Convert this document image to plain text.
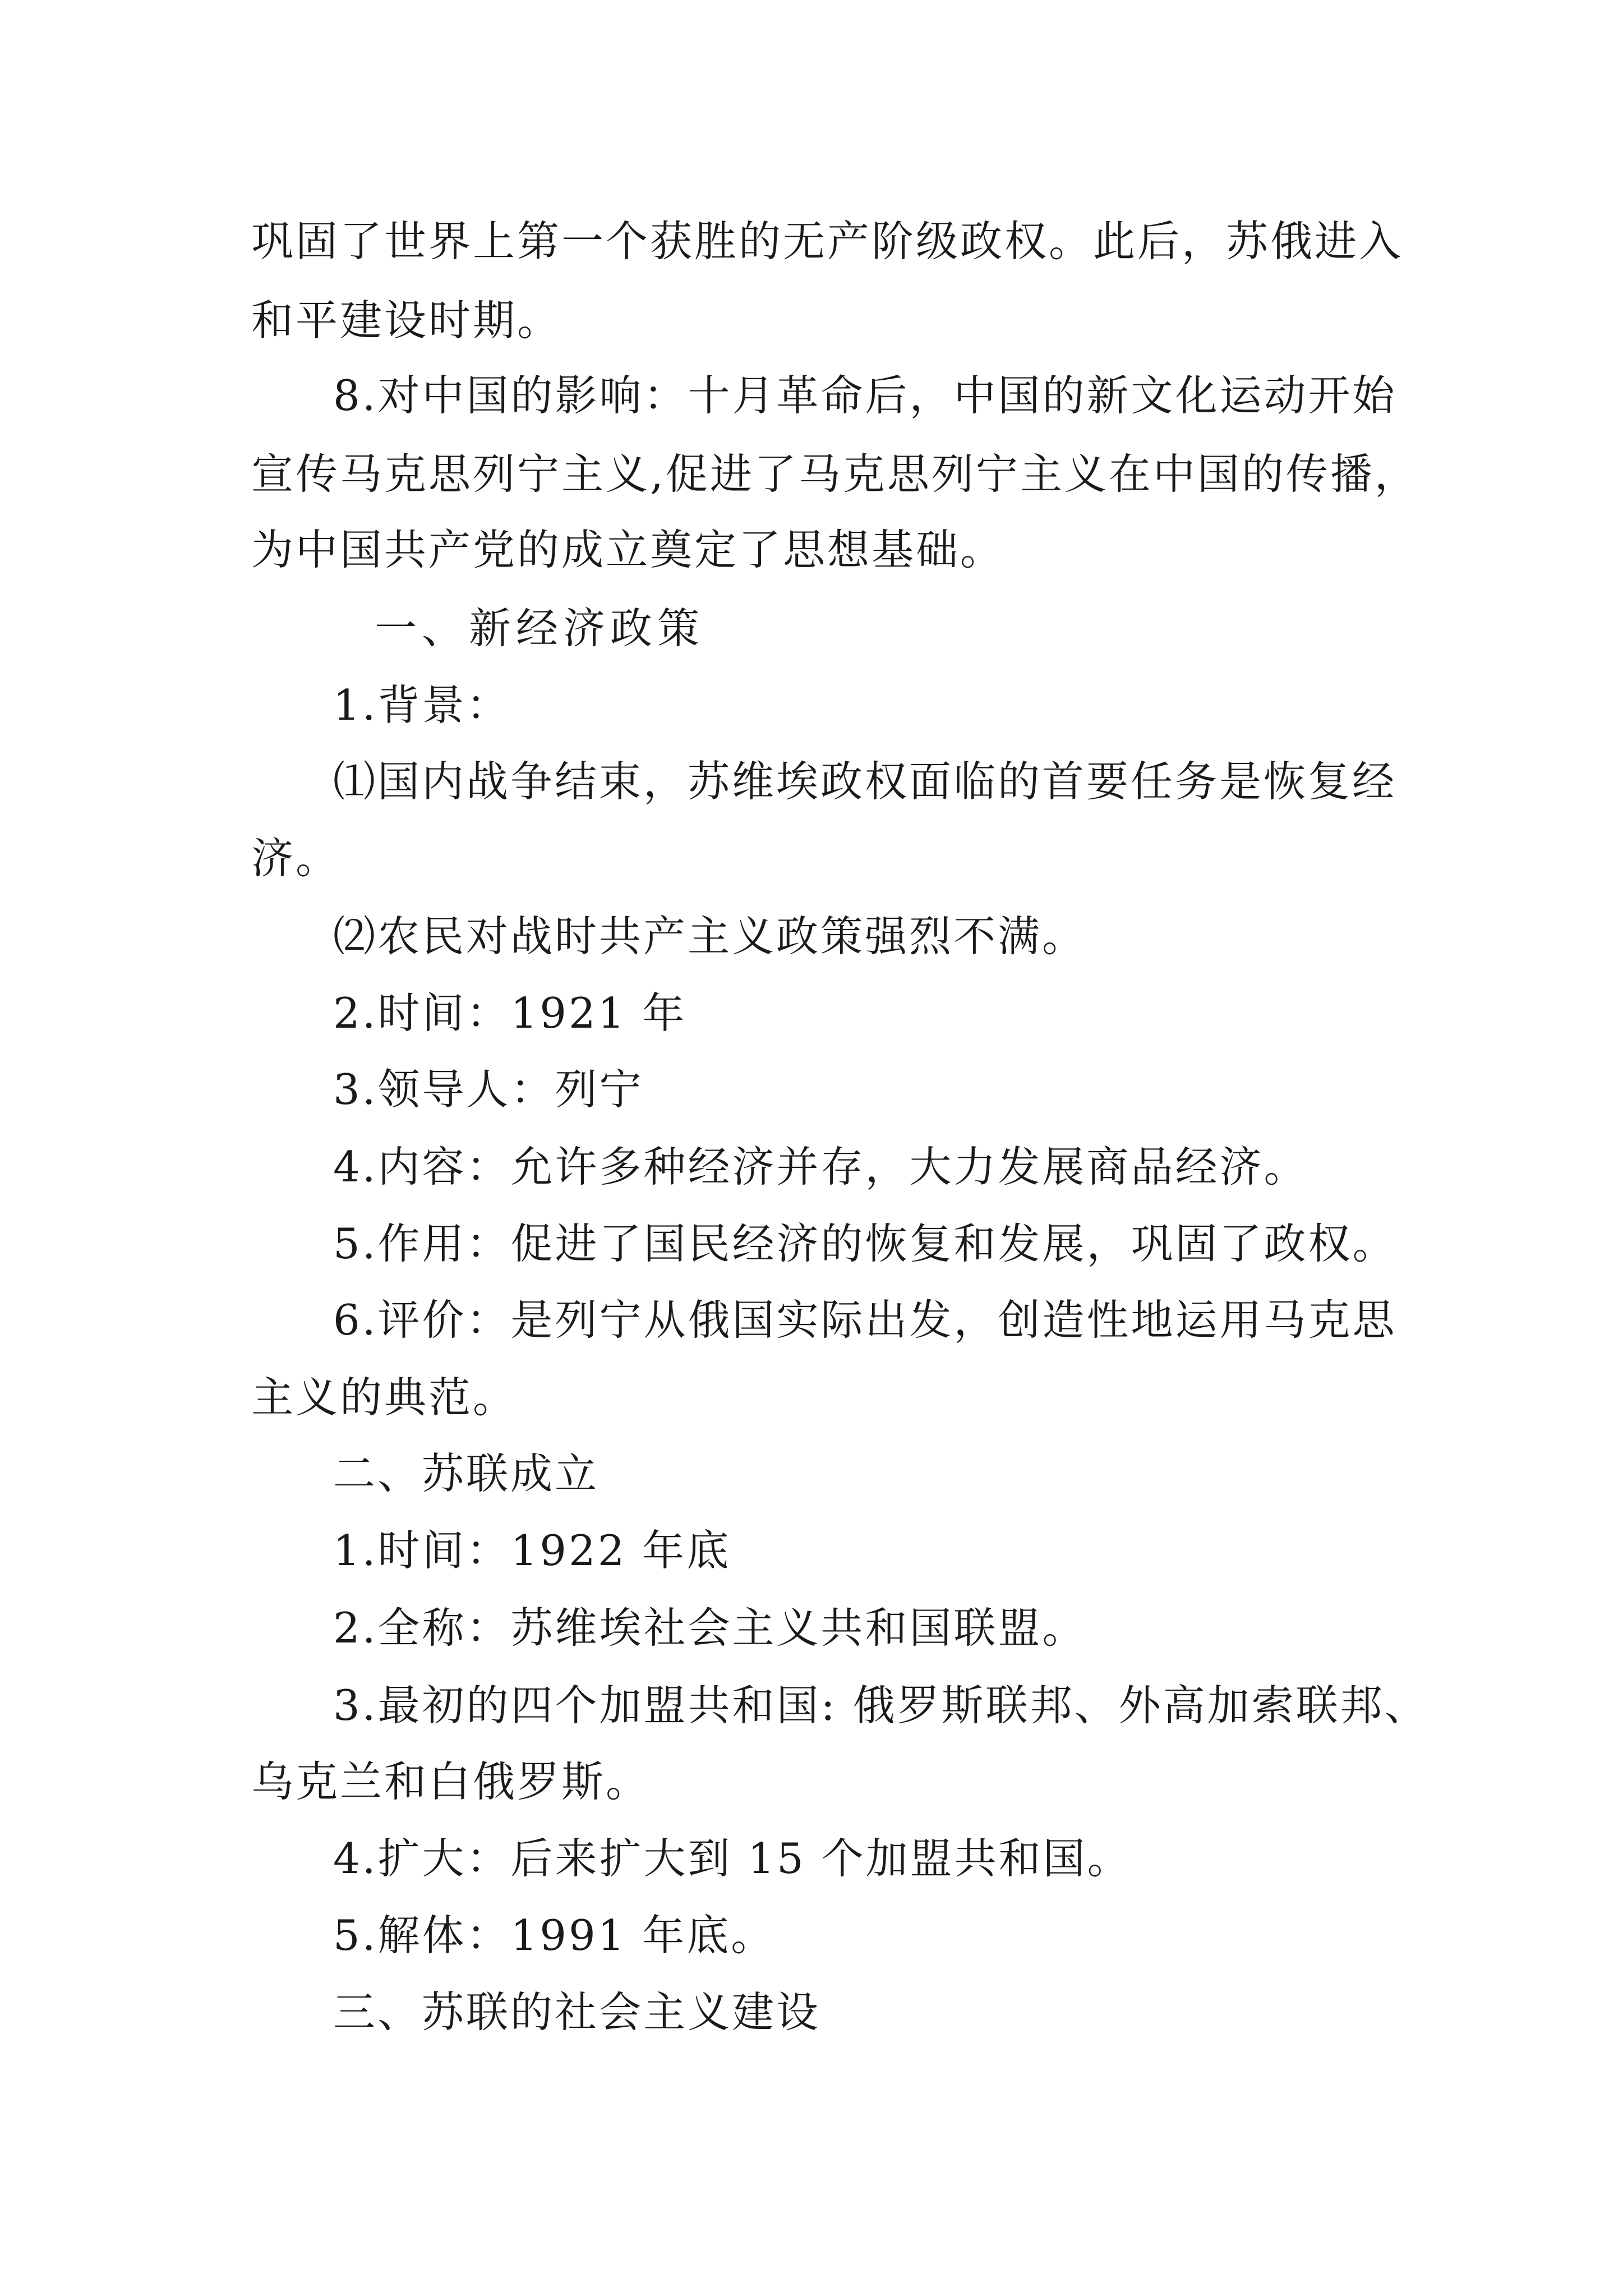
巩固了世界上第一个获胜的无产阶级政权。此后，苏俄进入

和平建设时期。

8.对中国的影响：十月革命后，中国的新文化运动开始

宣传马克思列宁主义,促进了马克思列宁主义在中国的传播，

为中国共产党的成立奠定了思想基础。

一、新经济政策

1.背景：

⑴国内战争结束，苏维埃政权面临的首要任务是恢复经

济。

⑵农民对战时共产主义政策强烈不满。

2.时间：1921 年

3.领导人：列宁

4.内容：允许多种经济并存，大力发展商品经济。

5.作用：促进了国民经济的恢复和发展，巩固了政权。

6.评价：是列宁从俄国实际出发，创造性地运用马克思

主义的典范。

二、苏联成立

1.时间：1922 年底

2.全称：苏维埃社会主义共和国联盟。

3.最初的四个加盟共和国: 俄罗斯联邦、外高加索联邦、

乌克兰和白俄罗斯。

4.扩大：后来扩大到 15 个加盟共和国。

5.解体：1991 年底。

三、苏联的社会主义建设
